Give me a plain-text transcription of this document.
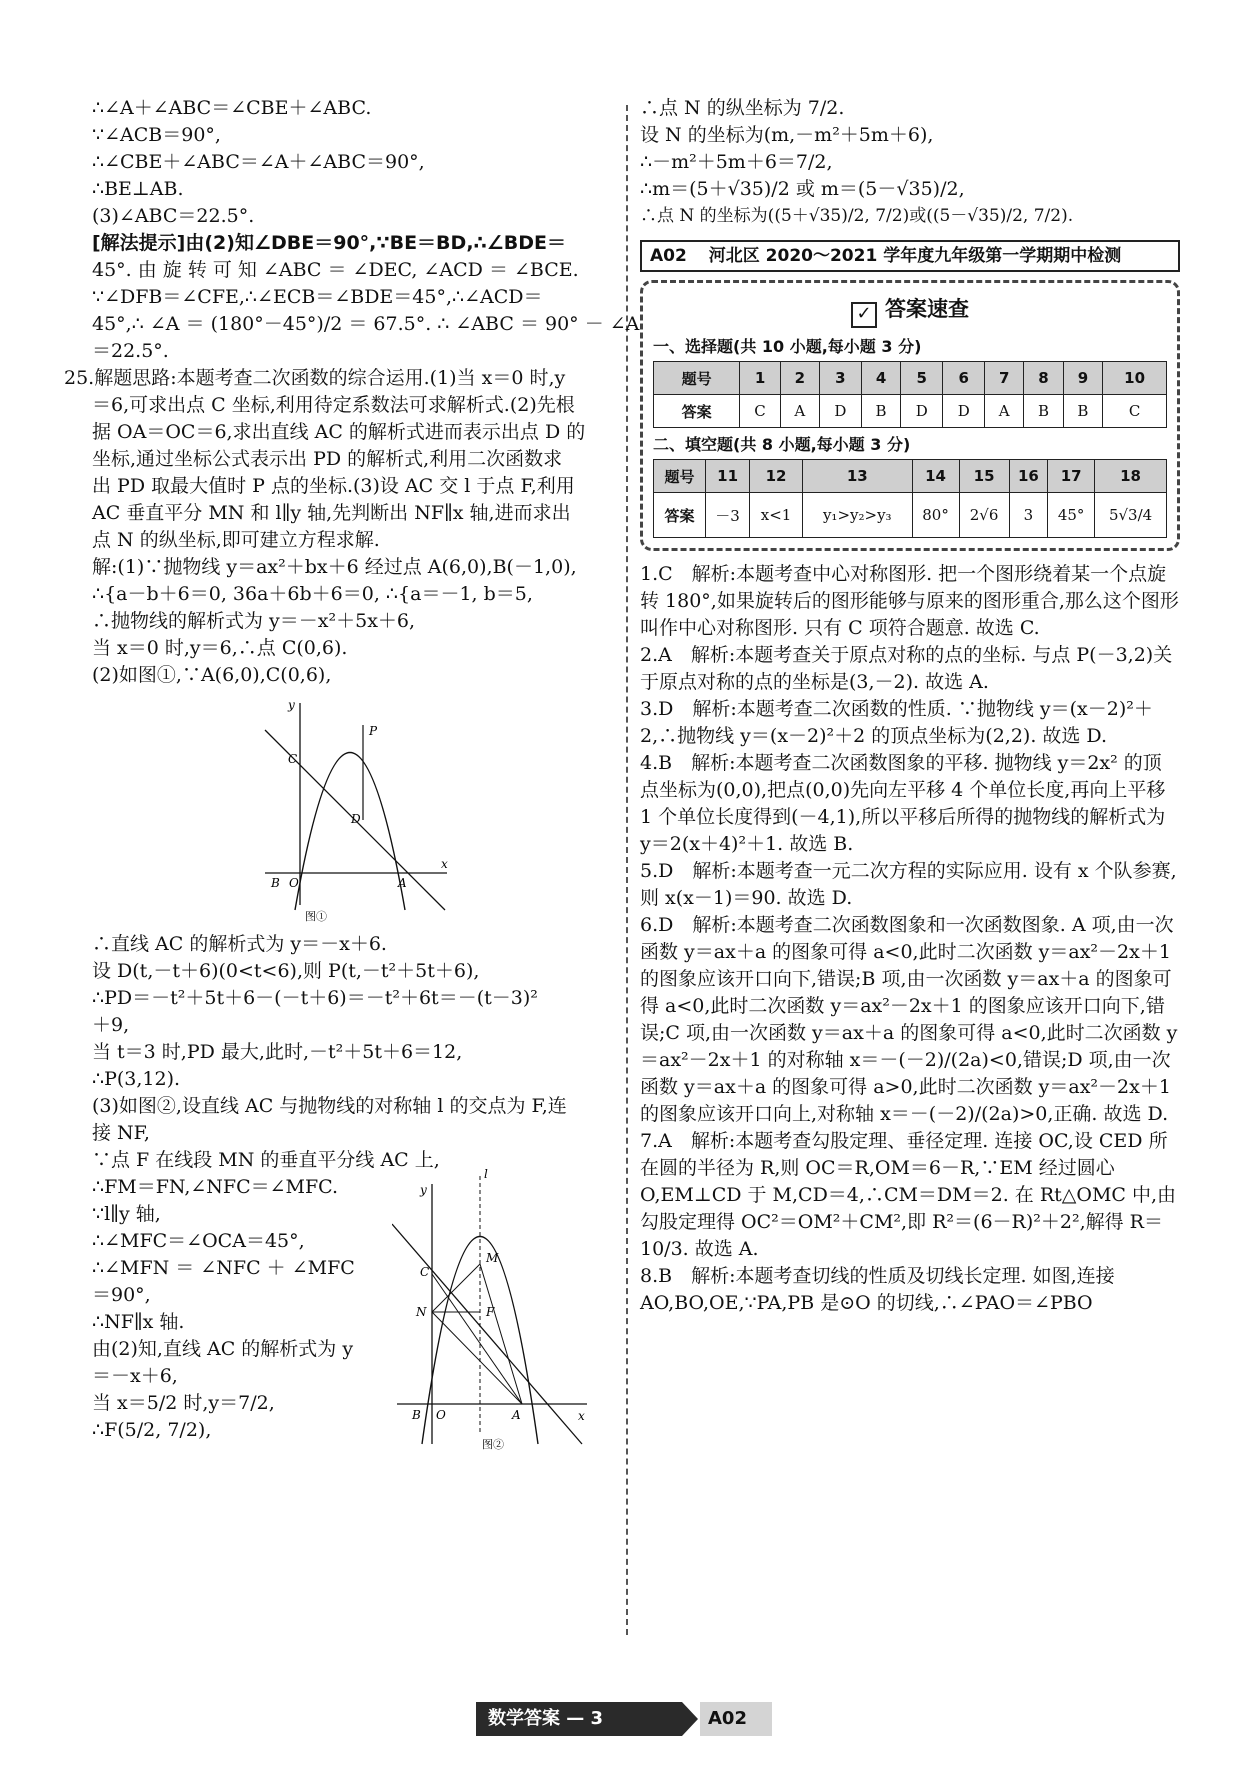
∴∠A＋∠ABC＝∠CBE＋∠ABC.

∵∠ACB＝90°,

∴∠CBE＋∠ABC＝∠A＋∠ABC＝90°,

∴BE⊥AB.

(3)∠ABC＝22.5°.

[解法提示]由(2)知∠DBE＝90°,∵BE＝BD,∴∠BDE＝

45°. 由 旋 转 可 知 ∠ABC ＝ ∠DEC, ∠ACD ＝ ∠BCE.

∵∠DFB＝∠CFE,∴∠ECB＝∠BDE＝45°,∴∠ACD＝

45°,∴ ∠A ＝ (180°－45°)/2 ＝ 67.5°. ∴ ∠ABC ＝ 90° － ∠A

＝22.5°.

25.解题思路:本题考查二次函数的综合运用.(1)当 x＝0 时,y

＝6,可求出点 C 坐标,利用待定系数法可求解析式.(2)先根

据 OA＝OC＝6,求出直线 AC 的解析式进而表示出点 D 的

坐标,通过坐标公式表示出 PD 的解析式,利用二次函数求

出 PD 取最大值时 P 点的坐标.(3)设 AC 交 l 于点 F,利用

AC 垂直平分 MN 和 l∥y 轴,先判断出 NF∥x 轴,进而求出

点 N 的纵坐标,即可建立方程求解.

解:(1)∵抛物线 y＝ax²＋bx＋6 经过点 A(6,0),B(－1,0),

∴{a－b＋6＝0, 36a＋6b＋6＝0, ∴{a＝－1, b＝5,

∴抛物线的解析式为 y＝－x²＋5x＋6,

当 x＝0 时,y＝6,∴点 C(0,6).

(2)如图①,∵A(6,0),C(0,6),

y
x
P
C
D
B O	A
图①

∴直线 AC 的解析式为 y＝－x＋6.

设 D(t,－t＋6)(0<t<6),则 P(t,－t²＋5t＋6),

∴PD＝－t²＋5t＋6－(－t＋6)＝－t²＋6t＝－(t－3)²

＋9,

当 t＝3 时,PD 最大,此时,－t²＋5t＋6＝12,

∴P(3,12).

(3)如图②,设直线 AC 与抛物线的对称轴 l 的交点为 F,连

接 NF,

∵点 F 在线段 MN 的垂直平分线 AC 上,

∴FM＝FN,∠NFC＝∠MFC.

∵l∥y 轴,

∴∠MFC＝∠OCA＝45°,

∴∠MFN ＝ ∠NFC ＋ ∠MFC

＝90°,

∴NF∥x 轴.

由(2)知,直线 AC 的解析式为 y

＝－x＋6,

当 x＝5/2 时,y＝7/2,

∴F(5/2, 7/2),

y
l
x
M
C
N	F
B O	A
图②

∴点 N 的纵坐标为 7/2.

设 N 的坐标为(m,－m²＋5m＋6),

∴－m²＋5m＋6＝7/2,

∴m＝(5＋√35)/2 或 m＝(5－√35)/2,

∴点 N 的坐标为((5＋√35)/2, 7/2)或((5－√35)/2, 7/2).

A02 河北区 2020～2021 学年度九年级第一学期期中检测
✓ 答案速查
一、选择题(共 10 小题,每小题 3 分)
题号	1	2	3	4	5	6	7	8	9	10
答案	C	A	D	B	D	D	A	B	B	C
二、填空题(共 8 小题,每小题 3 分)
题号	11	12	13	14	15	16	17	18
答案	－3	x<1	y₁>y₂>y₃	80°	2√6	3	45°	5√3/4

1.C　解析:本题考查中心对称图形. 把一个图形绕着某一个点旋转 180°,如果旋转后的图形能够与原来的图形重合,那么这个图形叫作中心对称图形. 只有 C 项符合题意. 故选 C.

2.A　解析:本题考查关于原点对称的点的坐标. 与点 P(－3,2)关于原点对称的点的坐标是(3,－2). 故选 A.

3.D　解析:本题考查二次函数的性质. ∵抛物线 y＝(x－2)²＋2,∴抛物线 y＝(x－2)²＋2 的顶点坐标为(2,2). 故选 D.

4.B　解析:本题考查二次函数图象的平移. 抛物线 y＝2x² 的顶点坐标为(0,0),把点(0,0)先向左平移 4 个单位长度,再向上平移 1 个单位长度得到(－4,1),所以平移后所得的抛物线的解析式为 y＝2(x＋4)²＋1. 故选 B.

5.D　解析:本题考查一元二次方程的实际应用. 设有 x 个队参赛,则 x(x－1)＝90. 故选 D.

6.D　解析:本题考查二次函数图象和一次函数图象. A 项,由一次函数 y＝ax＋a 的图象可得 a<0,此时二次函数 y＝ax²－2x＋1 的图象应该开口向下,错误;B 项,由一次函数 y＝ax＋a 的图象可得 a<0,此时二次函数 y＝ax²－2x＋1 的图象应该开口向下,错误;C 项,由一次函数 y＝ax＋a 的图象可得 a<0,此时二次函数 y＝ax²－2x＋1 的对称轴 x＝－(－2)/(2a)<0,错误;D 项,由一次函数 y＝ax＋a 的图象可得 a>0,此时二次函数 y＝ax²－2x＋1 的图象应该开口向上,对称轴 x＝－(－2)/(2a)>0,正确. 故选 D.

7.A　解析:本题考查勾股定理、垂径定理. 连接 OC,设 CED 所在圆的半径为 R,则 OC＝R,OM＝6－R,∵EM 经过圆心 O,EM⊥CD 于 M,CD＝4,∴CM＝DM＝2. 在 Rt△OMC 中,由勾股定理得 OC²＝OM²＋CM²,即 R²＝(6－R)²＋2²,解得 R＝10/3. 故选 A.

8.B　解析:本题考查切线的性质及切线长定理. 如图,连接 AO,BO,OE,∵PA,PB 是⊙O 的切线,∴∠PAO＝∠PBO

数学答案 — 3	A02
